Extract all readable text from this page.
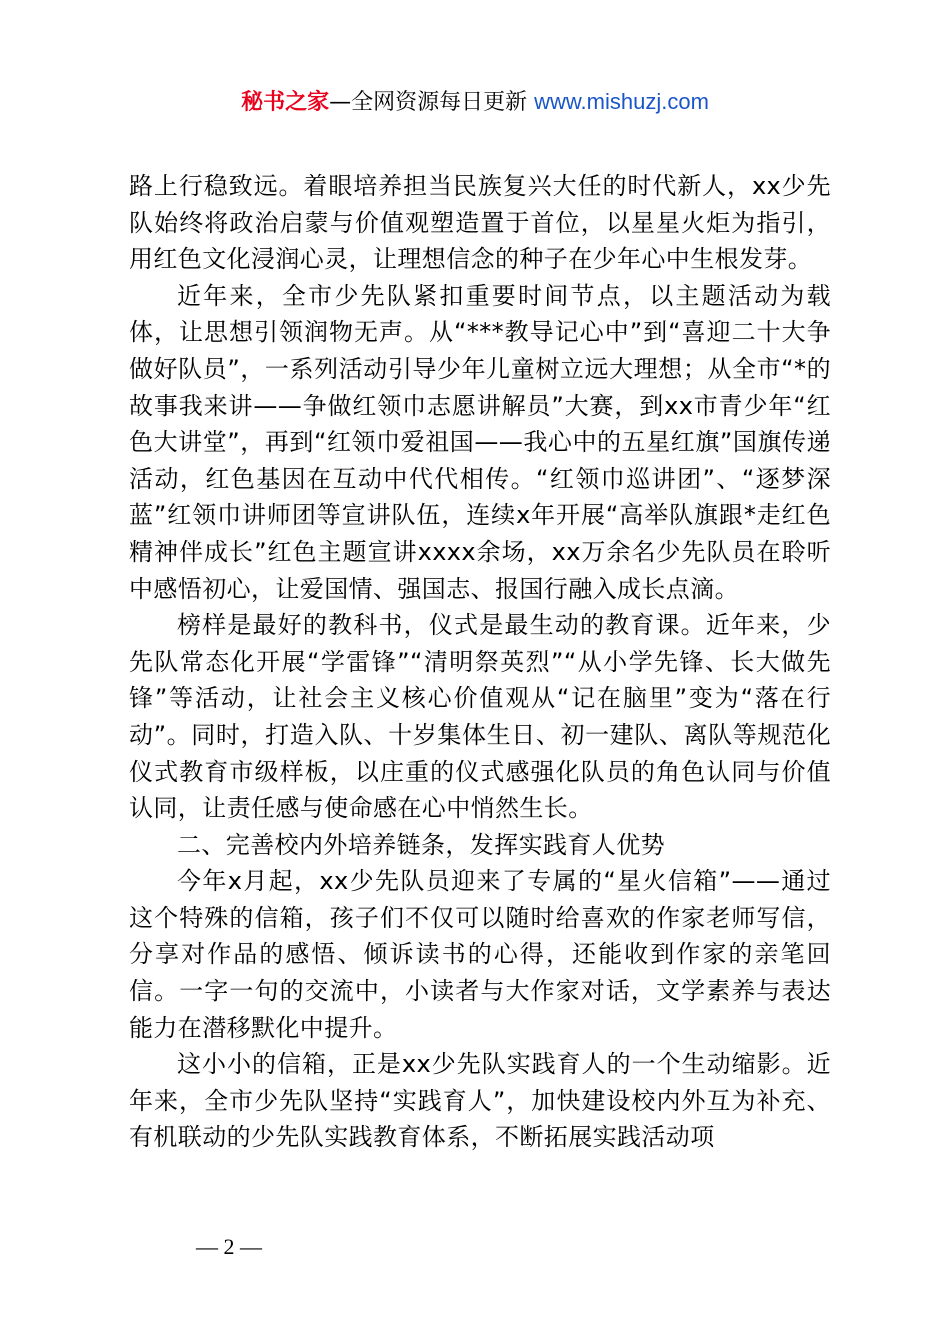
秘书之家—全网资源每日更新 www.mishuzj.com

路上行稳致远。着眼培养担当民族复兴大任的时代新人，xx少先队始终将政治启蒙与价值观塑造置于首位，以星星火炬为指引，用红色文化浸润心灵，让理想信念的种子在少年心中生根发芽。

近年来，全市少先队紧扣重要时间节点，以主题活动为载体，让思想引领润物无声。从“***教导记心中”到“喜迎二十大争做好队员”，一系列活动引导少年儿童树立远大理想；从全市“*的故事我来讲——争做红领巾志愿讲解员”大赛，到xx市青少年“红色大讲堂”，再到“红领巾爱祖国——我心中的五星红旗”国旗传递活动，红色基因在互动中代代相传。“红领巾巡讲团”、“逐梦深蓝”红领巾讲师团等宣讲队伍，连续x年开展“高举队旗跟*走红色精神伴成长”红色主题宣讲xxxx余场，xx万余名少先队员在聆听中感悟初心，让爱国情、强国志、报国行融入成长点滴。

榜样是最好的教科书，仪式是最生动的教育课。近年来，少先队常态化开展“学雷锋”“清明祭英烈”“从小学先锋、长大做先锋”等活动，让社会主义核心价值观从“记在脑里”变为“落在行动”。同时，打造入队、十岁集体生日、初一建队、离队等规范化仪式教育市级样板，以庄重的仪式感强化队员的角色认同与价值认同，让责任感与使命感在心中悄然生长。

二、完善校内外培养链条，发挥实践育人优势

今年x月起，xx少先队员迎来了专属的“星火信箱”——通过这个特殊的信箱，孩子们不仅可以随时给喜欢的作家老师写信，分享对作品的感悟、倾诉读书的心得，还能收到作家的亲笔回信。一字一句的交流中，小读者与大作家对话，文学素养与表达能力在潜移默化中提升。

这小小的信箱，正是xx少先队实践育人的一个生动缩影。近年来，全市少先队坚持“实践育人”，加快建设校内外互为补充、有机联动的少先队实践教育体系，不断拓展实践活动项

— 2 —
